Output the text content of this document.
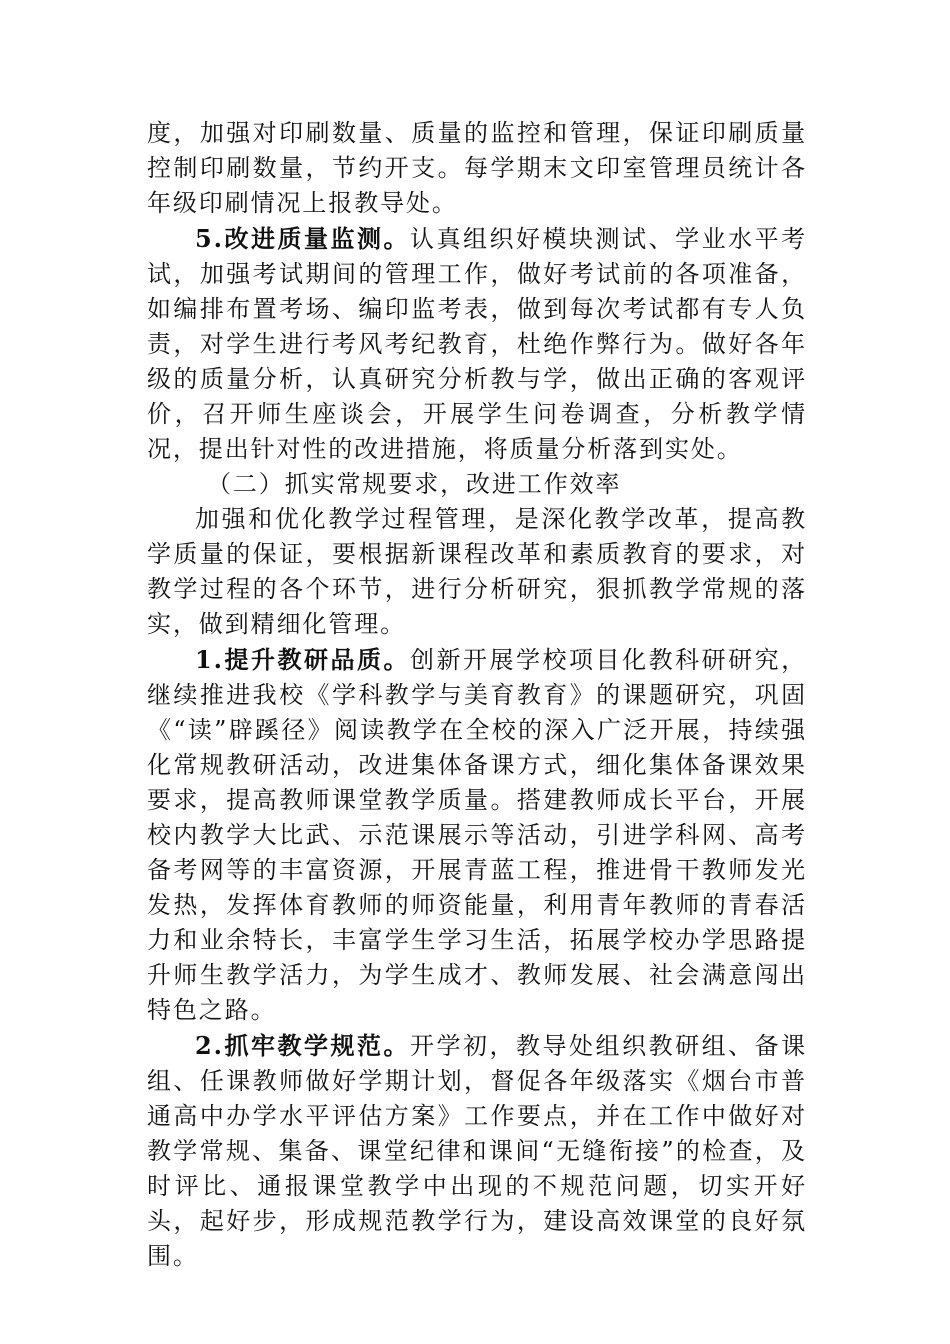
度，加强对印刷数量、质量的监控和管理，保证印刷质量控制印刷数量，节约开支。每学期末文印室管理员统计各年级印刷情况上报教导处。

5.改进质量监测。认真组织好模块测试、学业水平考试，加强考试期间的管理工作，做好考试前的各项准备，如编排布置考场、编印监考表，做到每次考试都有专人负责，对学生进行考风考纪教育，杜绝作弊行为。做好各年级的质量分析，认真研究分析教与学，做出正确的客观评价，召开师生座谈会，开展学生问卷调查，分析教学情况，提出针对性的改进措施，将质量分析落到实处。

（二）抓实常规要求，改进工作效率

加强和优化教学过程管理，是深化教学改革，提高教学质量的保证，要根据新课程改革和素质教育的要求，对教学过程的各个环节，进行分析研究，狠抓教学常规的落实，做到精细化管理。

1.提升教研品质。创新开展学校项目化教科研研究，继续推进我校《学科教学与美育教育》的课题研究，巩固《“读”辟蹊径》阅读教学在全校的深入广泛开展，持续强化常规教研活动，改进集体备课方式，细化集体备课效果要求，提高教师课堂教学质量。搭建教师成长平台，开展校内教学大比武、示范课展示等活动，引进学科网、高考备考网等的丰富资源，开展青蓝工程，推进骨干教师发光发热，发挥体育教师的师资能量，利用青年教师的青春活力和业余特长，丰富学生学习生活，拓展学校办学思路提升师生教学活力，为学生成才、教师发展、社会满意闯出特色之路。

2.抓牢教学规范。开学初，教导处组织教研组、备课组、任课教师做好学期计划，督促各年级落实《烟台市普通高中办学水平评估方案》工作要点，并在工作中做好对教学常规、集备、课堂纪律和课间“无缝衔接”的检查，及时评比、通报课堂教学中出现的不规范问题，切实开好头，起好步，形成规范教学行为，建设高效课堂的良好氛围。
